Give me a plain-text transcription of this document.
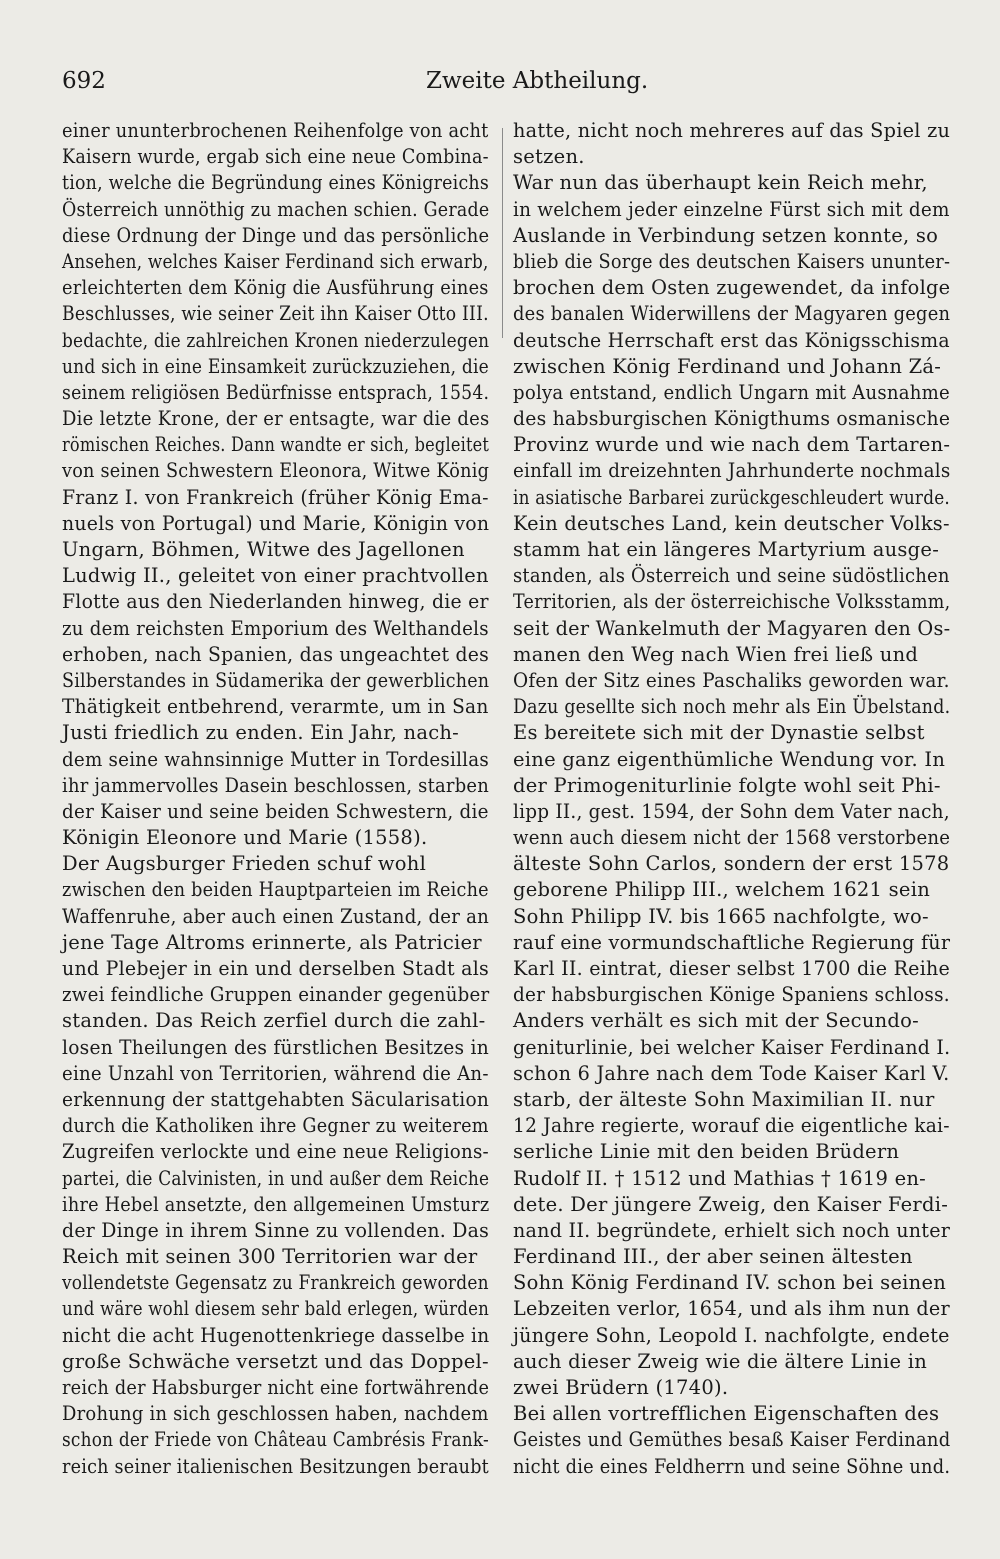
692	Zweite Abtheilung.
einer ununterbrochenen Reihenfolge von acht
Kaisern wurde, ergab sich eine neue Combina-
tion, welche die Begründung eines Königreichs
Österreich unnöthig zu machen schien. Gerade
diese Ordnung der Dinge und das persönliche
Ansehen, welches Kaiser Ferdinand sich erwarb,
erleichterten dem König die Ausführung eines
Beschlusses, wie seiner Zeit ihn Kaiser Otto III.
bedachte, die zahlreichen Kronen niederzulegen
und sich in eine Einsamkeit zurückzuziehen, die
seinem religiösen Bedürfnisse entsprach, 1554.
Die letzte Krone, der er entsagte, war die des
römischen Reiches. Dann wandte er sich, begleitet
von seinen Schwestern Eleonora, Witwe König
Franz I. von Frankreich (früher König Ema-
nuels von Portugal) und Marie, Königin von
Ungarn, Böhmen, Witwe des Jagellonen
Ludwig II., geleitet von einer prachtvollen
Flotte aus den Niederlanden hinweg, die er
zu dem reichsten Emporium des Welthandels
erhoben, nach Spanien, das ungeachtet des
Silberstandes in Südamerika der gewerblichen
Thätigkeit entbehrend, verarmte, um in San
Justi friedlich zu enden. Ein Jahr, nach-
dem seine wahnsinnige Mutter in Tordesillas
ihr jammervolles Dasein beschlossen, starben
der Kaiser und seine beiden Schwestern, die
Königin Eleonore und Marie (1558).
Der Augsburger Frieden schuf wohl
zwischen den beiden Hauptparteien im Reiche
Waffenruhe, aber auch einen Zustand, der an
jene Tage Altroms erinnerte, als Patricier
und Plebejer in ein und derselben Stadt als
zwei feindliche Gruppen einander gegenüber
standen. Das Reich zerfiel durch die zahl-
losen Theilungen des fürstlichen Besitzes in
eine Unzahl von Territorien, während die An-
erkennung der stattgehabten Säcularisation
durch die Katholiken ihre Gegner zu weiterem
Zugreifen verlockte und eine neue Religions-
partei, die Calvinisten, in und außer dem Reiche
ihre Hebel ansetzte, den allgemeinen Umsturz
der Dinge in ihrem Sinne zu vollenden. Das
Reich mit seinen 300 Territorien war der
vollendetste Gegensatz zu Frankreich geworden
und wäre wohl diesem sehr bald erlegen, würden
nicht die acht Hugenottenkriege dasselbe in
große Schwäche versetzt und das Doppel-
reich der Habsburger nicht eine fortwährende
Drohung in sich geschlossen haben, nachdem
schon der Friede von Château Cambrésis Frank-
reich seiner italienischen Besitzungen beraubt
hatte, nicht noch mehreres auf das Spiel zu
setzen.
War nun das überhaupt kein Reich mehr,
in welchem jeder einzelne Fürst sich mit dem
Auslande in Verbindung setzen konnte, so
blieb die Sorge des deutschen Kaisers ununter-
brochen dem Osten zugewendet, da infolge
des banalen Widerwillens der Magyaren gegen
deutsche Herrschaft erst das Königsschisma
zwischen König Ferdinand und Johann Zá-
polya entstand, endlich Ungarn mit Ausnahme
des habsburgischen Königthums osmanische
Provinz wurde und wie nach dem Tartaren-
einfall im dreizehnten Jahrhunderte nochmals
in asiatische Barbarei zurückgeschleudert wurde.
Kein deutsches Land, kein deutscher Volks-
stamm hat ein längeres Martyrium ausge-
standen, als Österreich und seine südöstlichen
Territorien, als der österreichische Volksstamm,
seit der Wankelmuth der Magyaren den Os-
manen den Weg nach Wien frei ließ und
Ofen der Sitz eines Paschaliks geworden war.
Dazu gesellte sich noch mehr als Ein Übelstand.
Es bereitete sich mit der Dynastie selbst
eine ganz eigenthümliche Wendung vor. In
der Primogeniturlinie folgte wohl seit Phi-
lipp II., gest. 1594, der Sohn dem Vater nach,
wenn auch diesem nicht der 1568 verstorbene
älteste Sohn Carlos, sondern der erst 1578
geborene Philipp III., welchem 1621 sein
Sohn Philipp IV. bis 1665 nachfolgte, wo-
rauf eine vormundschaftliche Regierung für
Karl II. eintrat, dieser selbst 1700 die Reihe
der habsburgischen Könige Spaniens schloss.
Anders verhält es sich mit der Secundo-
geniturlinie, bei welcher Kaiser Ferdinand I.
schon 6 Jahre nach dem Tode Kaiser Karl V.
starb, der älteste Sohn Maximilian II. nur
12 Jahre regierte, worauf die eigentliche kai-
serliche Linie mit den beiden Brüdern
Rudolf II. † 1512 und Mathias † 1619 en-
dete. Der jüngere Zweig, den Kaiser Ferdi-
nand II. begründete, erhielt sich noch unter
Ferdinand III., der aber seinen ältesten
Sohn König Ferdinand IV. schon bei seinen
Lebzeiten verlor, 1654, und als ihm nun der
jüngere Sohn, Leopold I. nachfolgte, endete
auch dieser Zweig wie die ältere Linie in
zwei Brüdern (1740).
Bei allen vortrefflichen Eigenschaften des
Geistes und Gemüthes besaß Kaiser Ferdinand
nicht die eines Feldherrn und seine Söhne und.
